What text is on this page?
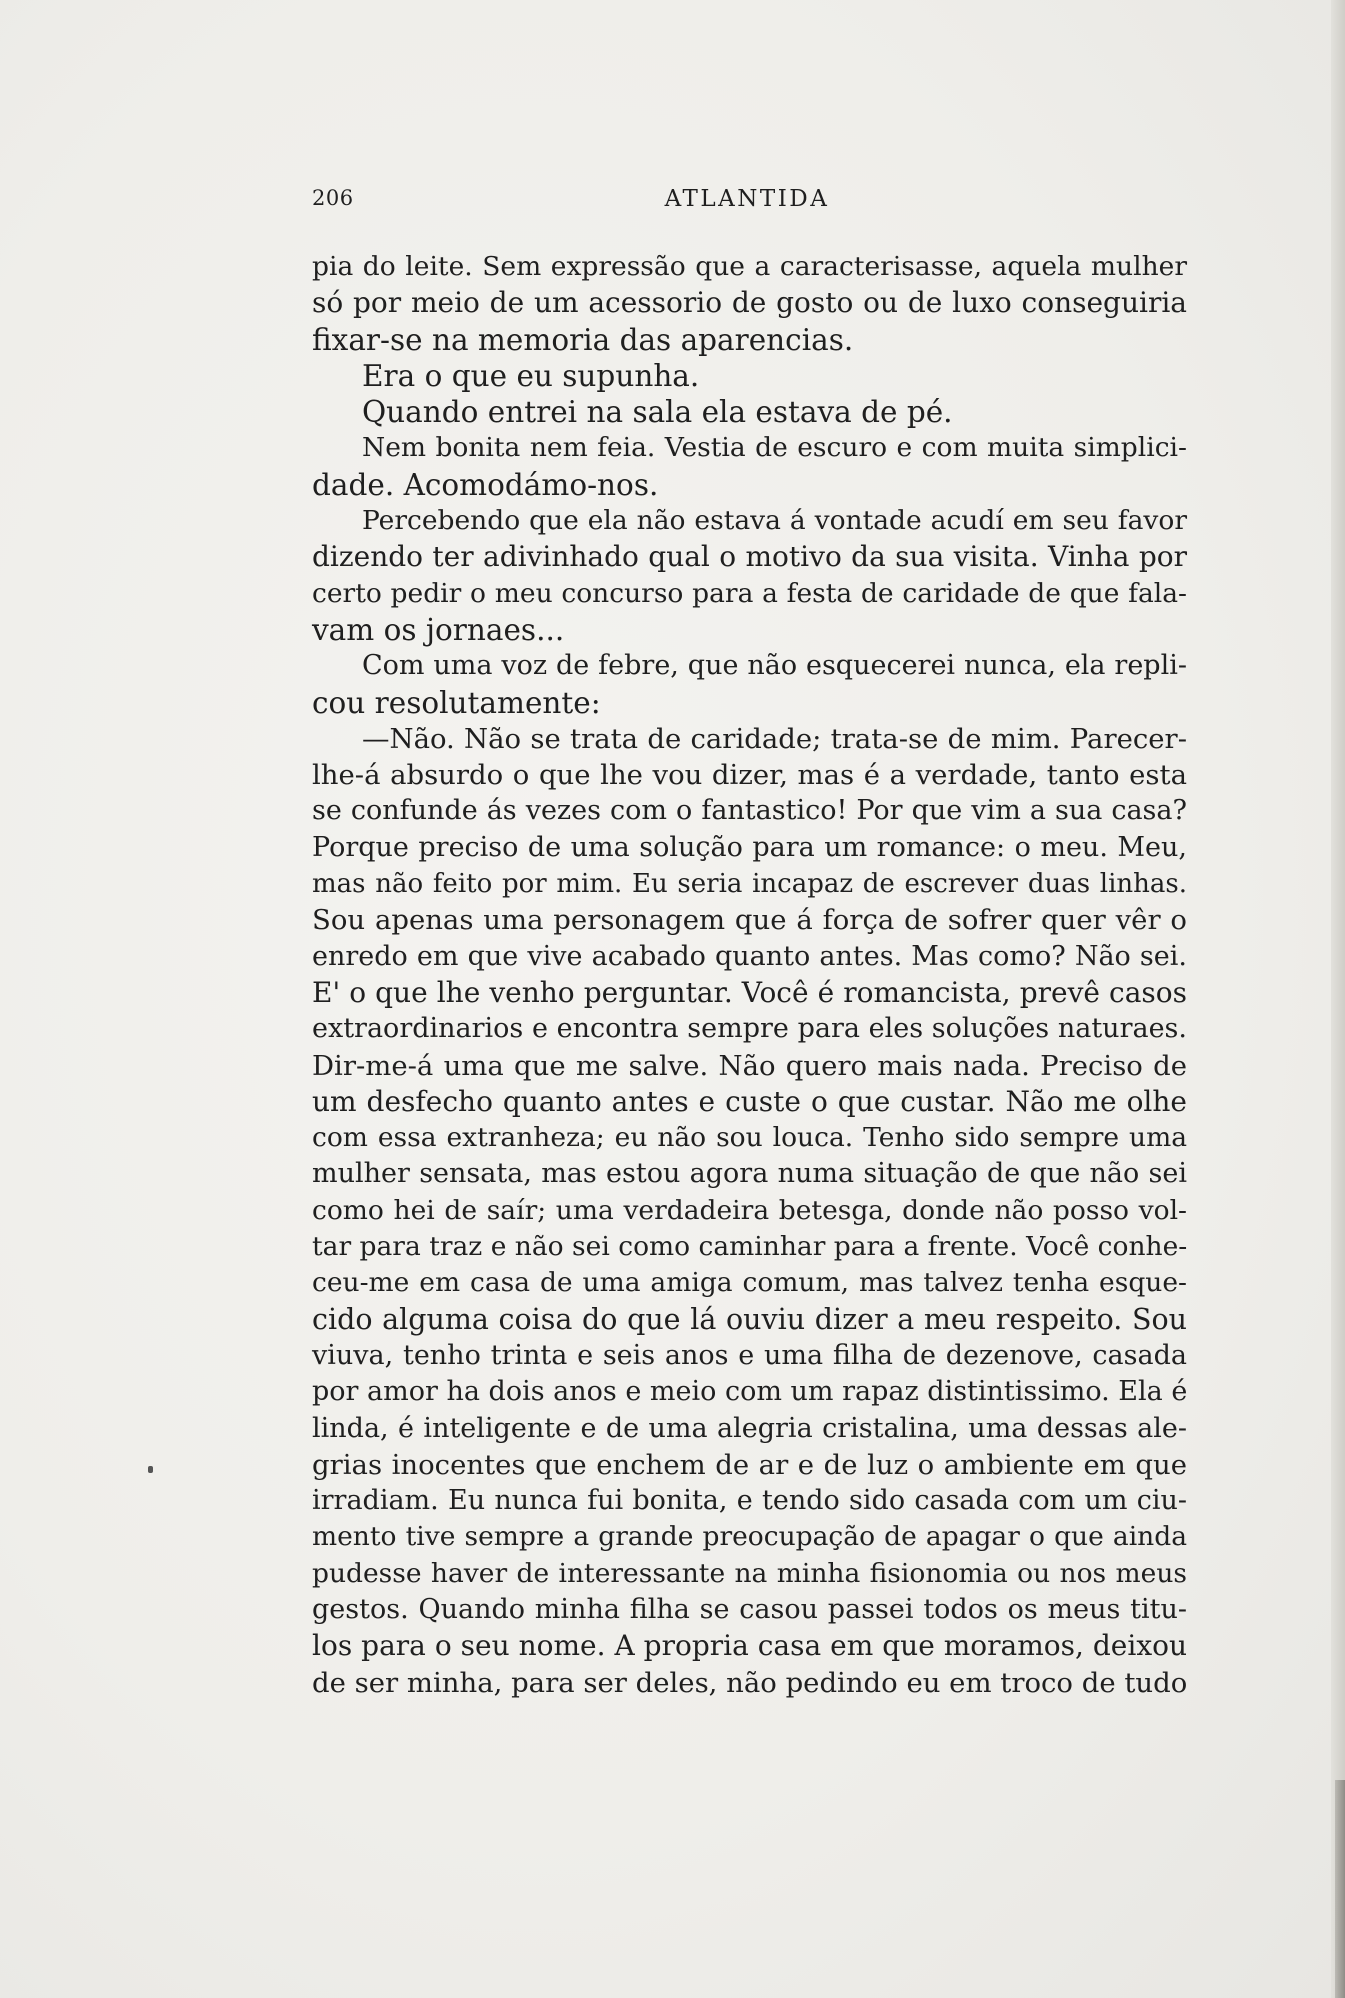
206	ATLANTIDA
pia do leite. Sem expressão que a caracterisasse, aquela mulher
só por meio de um acessorio de gosto ou de luxo conseguiria
fixar-se na memoria das aparencias.
Era o que eu supunha.
Quando entrei na sala ela estava de pé.
Nem bonita nem feia. Vestia de escuro e com muita simplici-
dade. Acomodámo-nos.
Percebendo que ela não estava á vontade acudí em seu favor
dizendo ter adivinhado qual o motivo da sua visita. Vinha por
certo pedir o meu concurso para a festa de caridade de que fala-
vam os jornaes...
Com uma voz de febre, que não esquecerei nunca, ela repli-
cou resolutamente:
—Não. Não se trata de caridade; trata-se de mim. Parecer-
lhe-á absurdo o que lhe vou dizer, mas é a verdade, tanto esta
se confunde ás vezes com o fantastico! Por que vim a sua casa?
Porque preciso de uma solução para um romance: o meu. Meu,
mas não feito por mim. Eu seria incapaz de escrever duas linhas.
Sou apenas uma personagem que á força de sofrer quer vêr o
enredo em que vive acabado quanto antes. Mas como? Não sei.
E' o que lhe venho perguntar. Você é romancista, prevê casos
extraordinarios e encontra sempre para eles soluções naturaes.
Dir-me-á uma que me salve. Não quero mais nada. Preciso de
um desfecho quanto antes e custe o que custar. Não me olhe
com essa extranheza; eu não sou louca. Tenho sido sempre uma
mulher sensata, mas estou agora numa situação de que não sei
como hei de saír; uma verdadeira betesga, donde não posso vol-
tar para traz e não sei como caminhar para a frente. Você conhe-
ceu-me em casa de uma amiga comum, mas talvez tenha esque-
cido alguma coisa do que lá ouviu dizer a meu respeito. Sou
viuva, tenho trinta e seis anos e uma filha de dezenove, casada
por amor ha dois anos e meio com um rapaz distintissimo. Ela é
linda, é inteligente e de uma alegria cristalina, uma dessas ale-
grias inocentes que enchem de ar e de luz o ambiente em que
irradiam. Eu nunca fui bonita, e tendo sido casada com um ciu-
mento tive sempre a grande preocupação de apagar o que ainda
pudesse haver de interessante na minha fisionomia ou nos meus
gestos. Quando minha filha se casou passei todos os meus titu-
los para o seu nome. A propria casa em que moramos, deixou
de ser minha, para ser deles, não pedindo eu em troco de tudo
